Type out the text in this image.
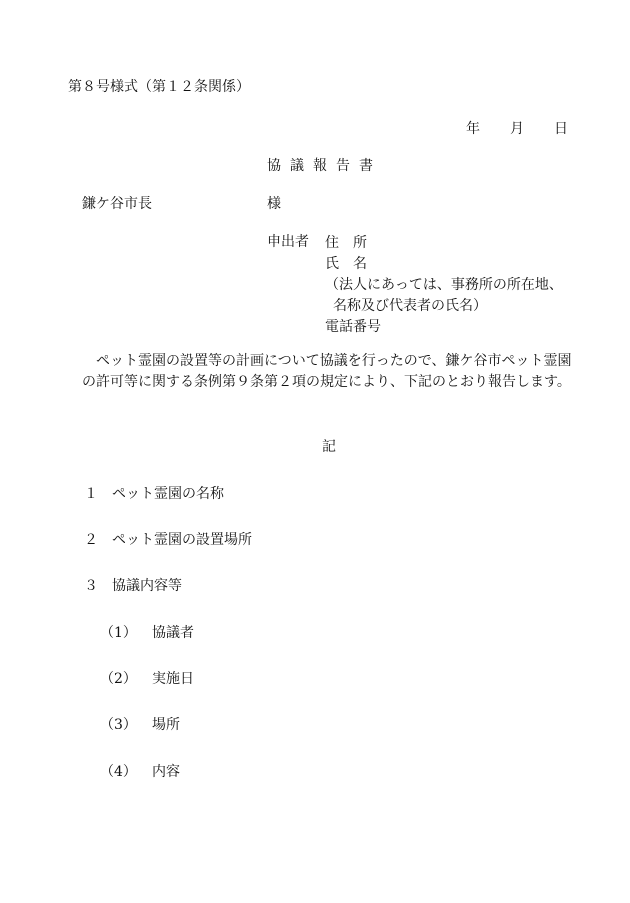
第８号様式（第１２条関係）
年 月 日
協議報告書
鎌ケ谷市長	様
申出者 住　所
氏　名
（法人にあっては、事務所の所在地、
名称及び代表者の氏名）
電話番号
ペット霊園の設置等の計画について協議を行ったので、鎌ケ谷市ペット霊園の許可等に関する条例第９条第２項の規定により、下記のとおり報告します。
記
１　 ペット霊園の名称
２　 ペット霊園の設置場所
３　 協議内容等
（1） 協議者
（2） 実施日
（3） 場所
（4） 内容
